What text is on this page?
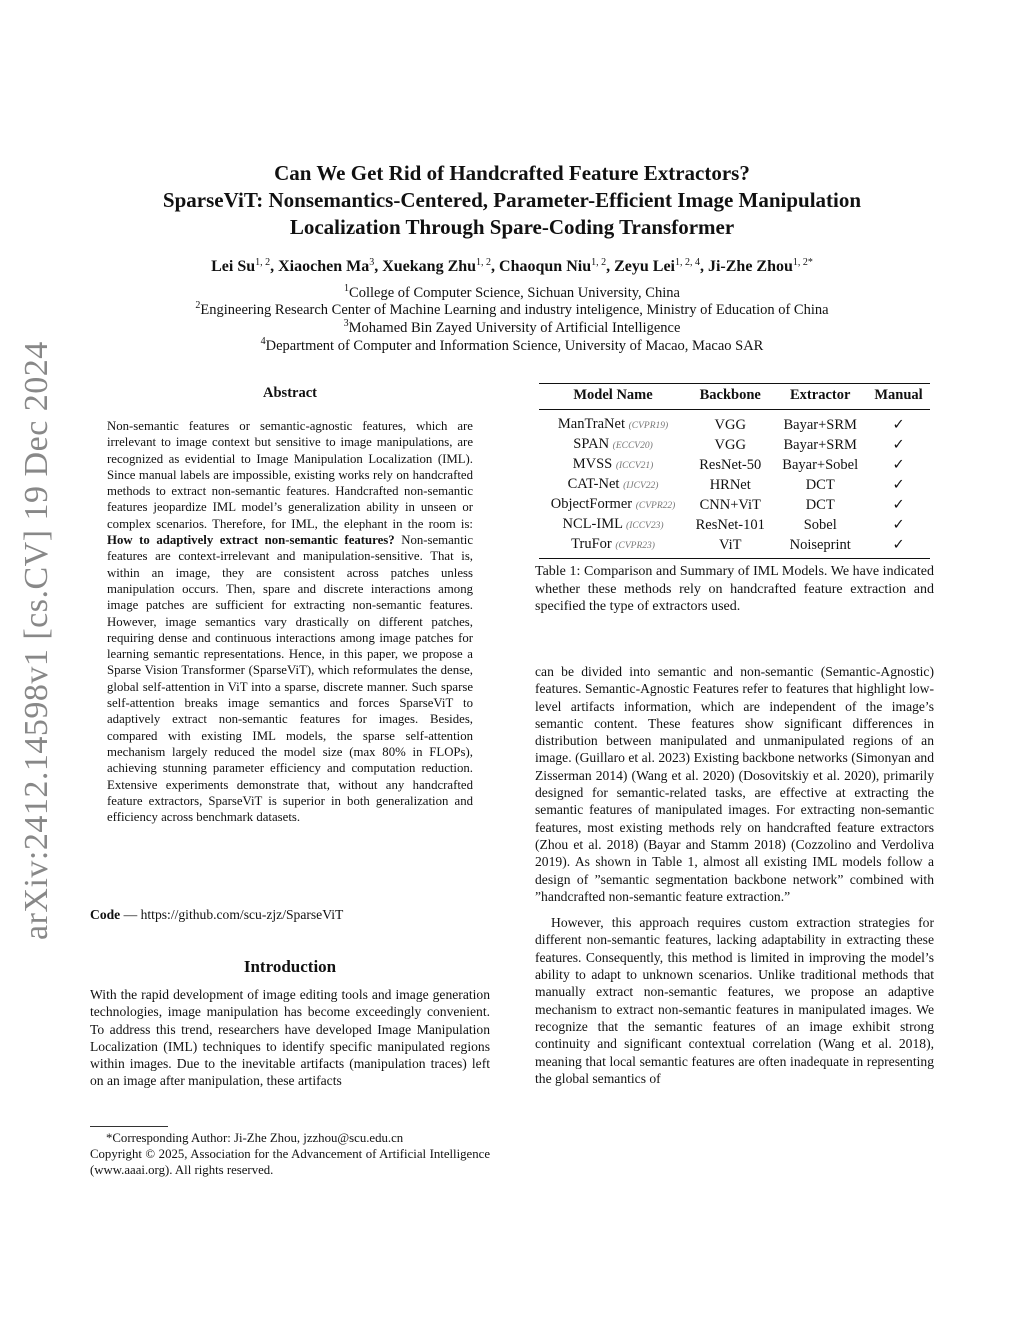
arXiv:2412.14598v1 [cs.CV] 19 Dec 2024
Can We Get Rid of Handcrafted Feature Extractors?
SparseViT: Nonsemantics-Centered, Parameter-Efficient Image Manipulation
Localization Through Spare-Coding Transformer
Lei Su$^{1, 2}$, Xiaochen Ma$^3$, Xuekang Zhu$^{1, 2}$, Chaoqun Niu$^{1, 2}$, Zeyu Lei$^{1, 2, 4}$, Ji-Zhe Zhou$^{1, 2*}$
$^1$College of Computer Science, Sichuan University, China
$^2$Engineering Research Center of Machine Learning and industry inteligence, Ministry of Education of China
$^3$Mohamed Bin Zayed University of Artificial Intelligence
$^4$Department of Computer and Information Science, University of Macao, Macao SAR
Abstract
Non-semantic features or semantic-agnostic features, which are irrelevant to image context but sensitive to image manipulations, are recognized as evidential to Image Manipulation Localization (IML). Since manual labels are impossible, existing works rely on handcrafted methods to extract non-semantic features. Handcrafted non-semantic features jeopardize IML model’s generalization ability in unseen or complex scenarios. Therefore, for IML, the elephant in the room is: How to adaptively extract non-semantic features? Non-semantic features are context-irrelevant and manipulation-sensitive. That is, within an image, they are consistent across patches unless manipulation occurs. Then, spare and discrete interactions among image patches are sufficient for extracting non-semantic features. However, image semantics vary drastically on different patches, requiring dense and continuous interactions among image patches for learning semantic representations. Hence, in this paper, we propose a Sparse Vision Transformer (SparseViT), which reformulates the dense, global self-attention in ViT into a sparse, discrete manner. Such sparse self-attention breaks image semantics and forces SparseViT to adaptively extract non-semantic features for images. Besides, compared with existing IML models, the sparse self-attention mechanism largely reduced the model size (max 80% in FLOPs), achieving stunning parameter efficiency and computation reduction. Extensive experiments demonstrate that, without any handcrafted feature extractors, SparseViT is superior in both generalization and efficiency across benchmark datasets.
Code — https://github.com/scu-zjz/SparseViT
Introduction

With the rapid development of image editing tools and image generation technologies, image manipulation has become exceedingly convenient. To address this trend, researchers have developed Image Manipulation Localization (IML) techniques to identify specific manipulated regions within images. Due to the inevitable artifacts (manipulation traces) left on an image after manipulation, these artifacts

*Corresponding Author: Ji-Zhe Zhou, jzzhou@scu.edu.cn
Copyright © 2025, Association for the Advancement of Artificial Intelligence (www.aaai.org). All rights reserved.
Model Name	Backbone	Extractor	Manual
ManTraNet (CVPR19)	VGG	Bayar+SRM	✓
SPAN (ECCV20)	VGG	Bayar+SRM	✓
MVSS (ICCV21)	ResNet-50	Bayar+Sobel	✓
CAT-Net (IJCV22)	HRNet	DCT	✓
ObjectFormer (CVPR22)	CNN+ViT	DCT	✓
NCL-IML (ICCV23)	ResNet-101	Sobel	✓
TruFor (CVPR23)	ViT	Noiseprint	✓
Table 1: Comparison and Summary of IML Models. We have indicated whether these methods rely on handcrafted feature extraction and specified the type of extractors used.

can be divided into semantic and non-semantic (Semantic-Agnostic) features. Semantic-Agnostic Features refer to features that highlight low-level artifacts information, which are independent of the image’s semantic content. These features show significant differences in distribution between manipulated and unmanipulated regions of an image. (Guillaro et al. 2023) Existing backbone networks (Simonyan and Zisserman 2014) (Wang et al. 2020) (Dosovitskiy et al. 2020), primarily designed for semantic-related tasks, are effective at extracting the semantic features of manipulated images. For extracting non-semantic features, most existing methods rely on handcrafted feature extractors (Zhou et al. 2018) (Bayar and Stamm 2018) (Cozzolino and Verdoliva 2019). As shown in Table 1, almost all existing IML models follow a design of ”semantic segmentation backbone network” combined with ”handcrafted non-semantic feature extraction.”

However, this approach requires custom extraction strategies for different non-semantic features, lacking adaptability in extracting these features. Consequently, this method is limited in improving the model’s ability to adapt to unknown scenarios. Unlike traditional methods that manually extract non-semantic features, we propose an adaptive mechanism to extract non-semantic features in manipulated images. We recognize that the semantic features of an image exhibit strong continuity and significant contextual correlation (Wang et al. 2018), meaning that local semantic features are often inadequate in representing the global semantics of
